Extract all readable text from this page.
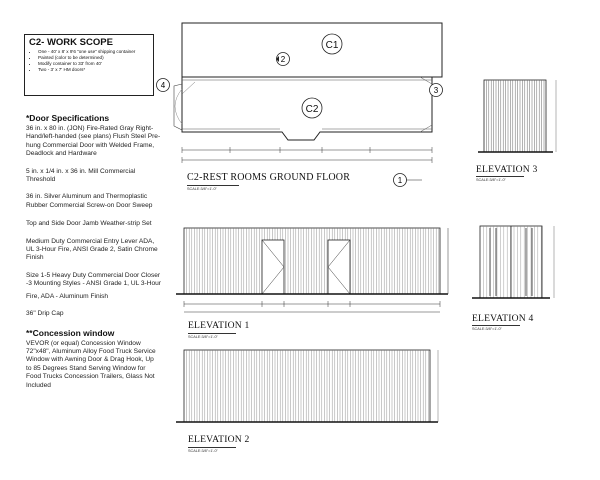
C2- WORK SCOPE
• One - 40' x 8' x 9'6 "one use" shipping container
• Painted (color to be determined)
• Modify container to 33' from 40'
• Two - 3' x 7' HM doors*
*Door Specifications
36 in. x 80 in. (JON) Fire-Rated Gray Right-Hand/left-handed (see plans) Flush Steel Pre-hung Commercial Door with Welded Frame, Deadlock and Hardware
5 in. x 1/4 in. x 36 in. Mill Commercial Threshold
36 in. Silver Aluminum and Thermoplastic Rubber Commercial Screw-on Door Sweep
Top and Side Door Jamb Weather-strip Set
Medium Duty Commercial Entry Lever ADA, UL 3-Hour Fire, ANSI Grade 2, Satin Chrome Finish
Size 1-5 Heavy Duty Commercial Door Closer -3 Mounting Styles - ANSI Grade 1, UL 3-Hour
Fire, ADA - Aluminum Finish
36" Drip Cap
**Concession window
VEVOR (or equal) Concession Window 72"x48", Aluminum Alloy Food Truck Service Window with Awning Door & Drag Hook, Up to 85 Degrees Stand Serving Window for Food Trucks Concession Trailers, Glass Not Included
C1
C2
2
4
3
1
C2-REST ROOMS GROUND FLOOR
SCALE:3/8"=1'-0"
ELEVATION 3
SCALE:3/8"=1'-0"
ELEVATION 1
SCALE:3/8"=1'-0"
ELEVATION 4
SCALE:3/8"=1'-0"
ELEVATION 2
SCALE:3/8"=1'-0"
